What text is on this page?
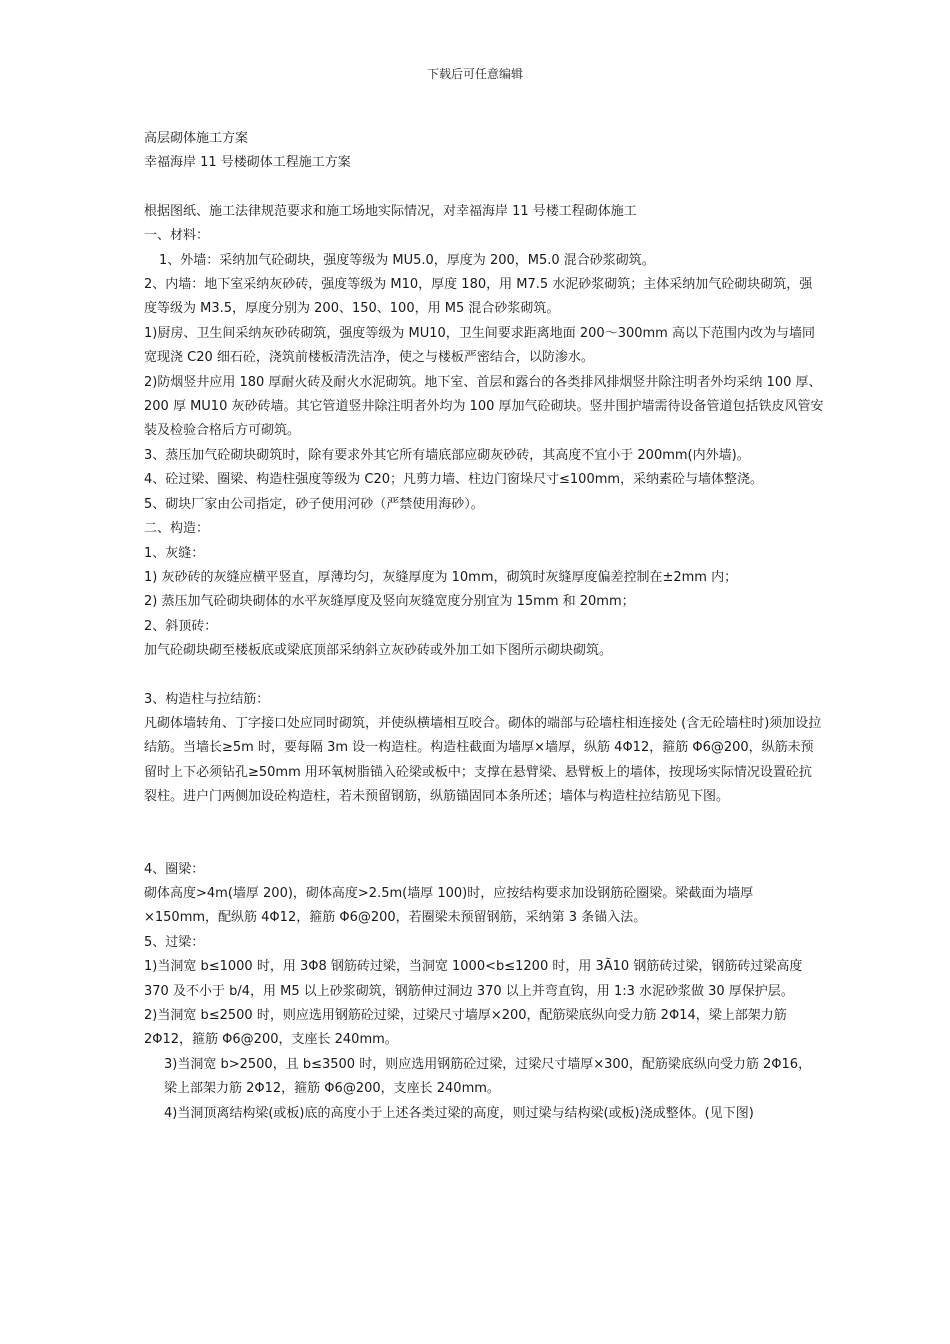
下载后可任意编辑

高层砌体施工方案

幸福海岸 11 号楼砌体工程施工方案

根据图纸、施工法律规范要求和施工场地实际情况，对幸福海岸 11 号楼工程砌体施工

一、材料：

1、外墙：采纳加气砼砌块，强度等级为 MU5.0，厚度为 200，M5.0 混合砂浆砌筑。

2、内墙：地下室采纳灰砂砖，强度等级为 M10，厚度 180，用 M7.5 水泥砂浆砌筑；主体采纳加气砼砌块砌筑，强度等级为 M3.5，厚度分别为 200、150、100，用 M5 混合砂浆砌筑。

1)厨房、卫生间采纳灰砂砖砌筑，强度等级为 MU10，卫生间要求距离地面 200～300mm 高以下范围内改为与墙同宽现浇 C20 细石砼，浇筑前楼板清洗洁净，使之与楼板严密结合，以防渗水。

2)防烟竖井应用 180 厚耐火砖及耐火水泥砌筑。地下室、首层和露台的各类排风排烟竖井除注明者外均采纳 100 厚、200 厚 MU10 灰砂砖墙。其它管道竖井除注明者外均为 100 厚加气砼砌块。竖井围护墙需待设备管道包括铁皮风管安装及检验合格后方可砌筑。

3、蒸压加气砼砌块砌筑时，除有要求外其它所有墙底部应砌灰砂砖，其高度不宜小于 200mm(内外墙)。

4、砼过梁、圈梁、构造柱强度等级为 C20；凡剪力墙、柱边门窗垛尺寸≤100mm，采纳素砼与墙体整浇。

5、砌块厂家由公司指定，砂子使用河砂（严禁使用海砂）。

二、构造：

1、灰缝：

1) 灰砂砖的灰缝应横平竖直，厚薄均匀，灰缝厚度为 10mm，砌筑时灰缝厚度偏差控制在±2mm 内；

2) 蒸压加气砼砌块砌体的水平灰缝厚度及竖向灰缝宽度分别宜为 15mm 和 20mm；

2、斜顶砖：

加气砼砌块砌至楼板底或梁底顶部采纳斜立灰砂砖或外加工如下图所示砌块砌筑。

3、构造柱与拉结筋：

凡砌体墙转角、丁字接口处应同时砌筑，并使纵横墙相互咬合。砌体的端部与砼墙柱相连接处 (含无砼墙柱时)须加设拉结筋。当墙长≥5m 时，要每隔 3m 设一构造柱。构造柱截面为墙厚×墙厚，纵筋 4Φ12，箍筋 Φ6@200，纵筋未预留时上下必须钻孔≥50mm 用环氧树脂锚入砼梁或板中；支撑在悬臂梁、悬臂板上的墙体，按现场实际情况设置砼抗裂柱。进户门两侧加设砼构造柱，若未预留钢筋，纵筋锚固同本条所述；墙体与构造柱拉结筋见下图。

4、圈梁：

砌体高度>4m(墙厚 200)，砌体高度>2.5m(墙厚 100)时，应按结构要求加设钢筋砼圈梁。梁截面为墙厚×150mm，配纵筋 4Φ12，箍筋 Φ6@200，若圈梁未预留钢筋，采纳第 3 条锚入法。

5、过梁：

1)当洞宽 b≤1000 时，用 3Φ8 钢筋砖过梁，当洞宽 1000<b≤1200 时，用 3Ã10 钢筋砖过梁，钢筋砖过梁高度 370 及不小于 b/4，用 M5 以上砂浆砌筑，钢筋伸过洞边 370 以上并弯直钩，用 1:3 水泥砂浆做 30 厚保护层。

2)当洞宽 b≤2500 时，则应选用钢筋砼过梁，过梁尺寸墙厚×200，配筋梁底纵向受力筋 2Φ14，梁上部架力筋 2Φ12，箍筋 Φ6@200，支座长 240mm。

3)当洞宽 b>2500，且 b≤3500 时，则应选用钢筋砼过梁，过梁尺寸墙厚×300，配筋梁底纵向受力筋 2Φ16，梁上部架力筋 2Φ12，箍筋 Φ6@200，支座长 240mm。

4)当洞顶离结构梁(或板)底的高度小于上述各类过梁的高度，则过梁与结构梁(或板)浇成整体。(见下图)
